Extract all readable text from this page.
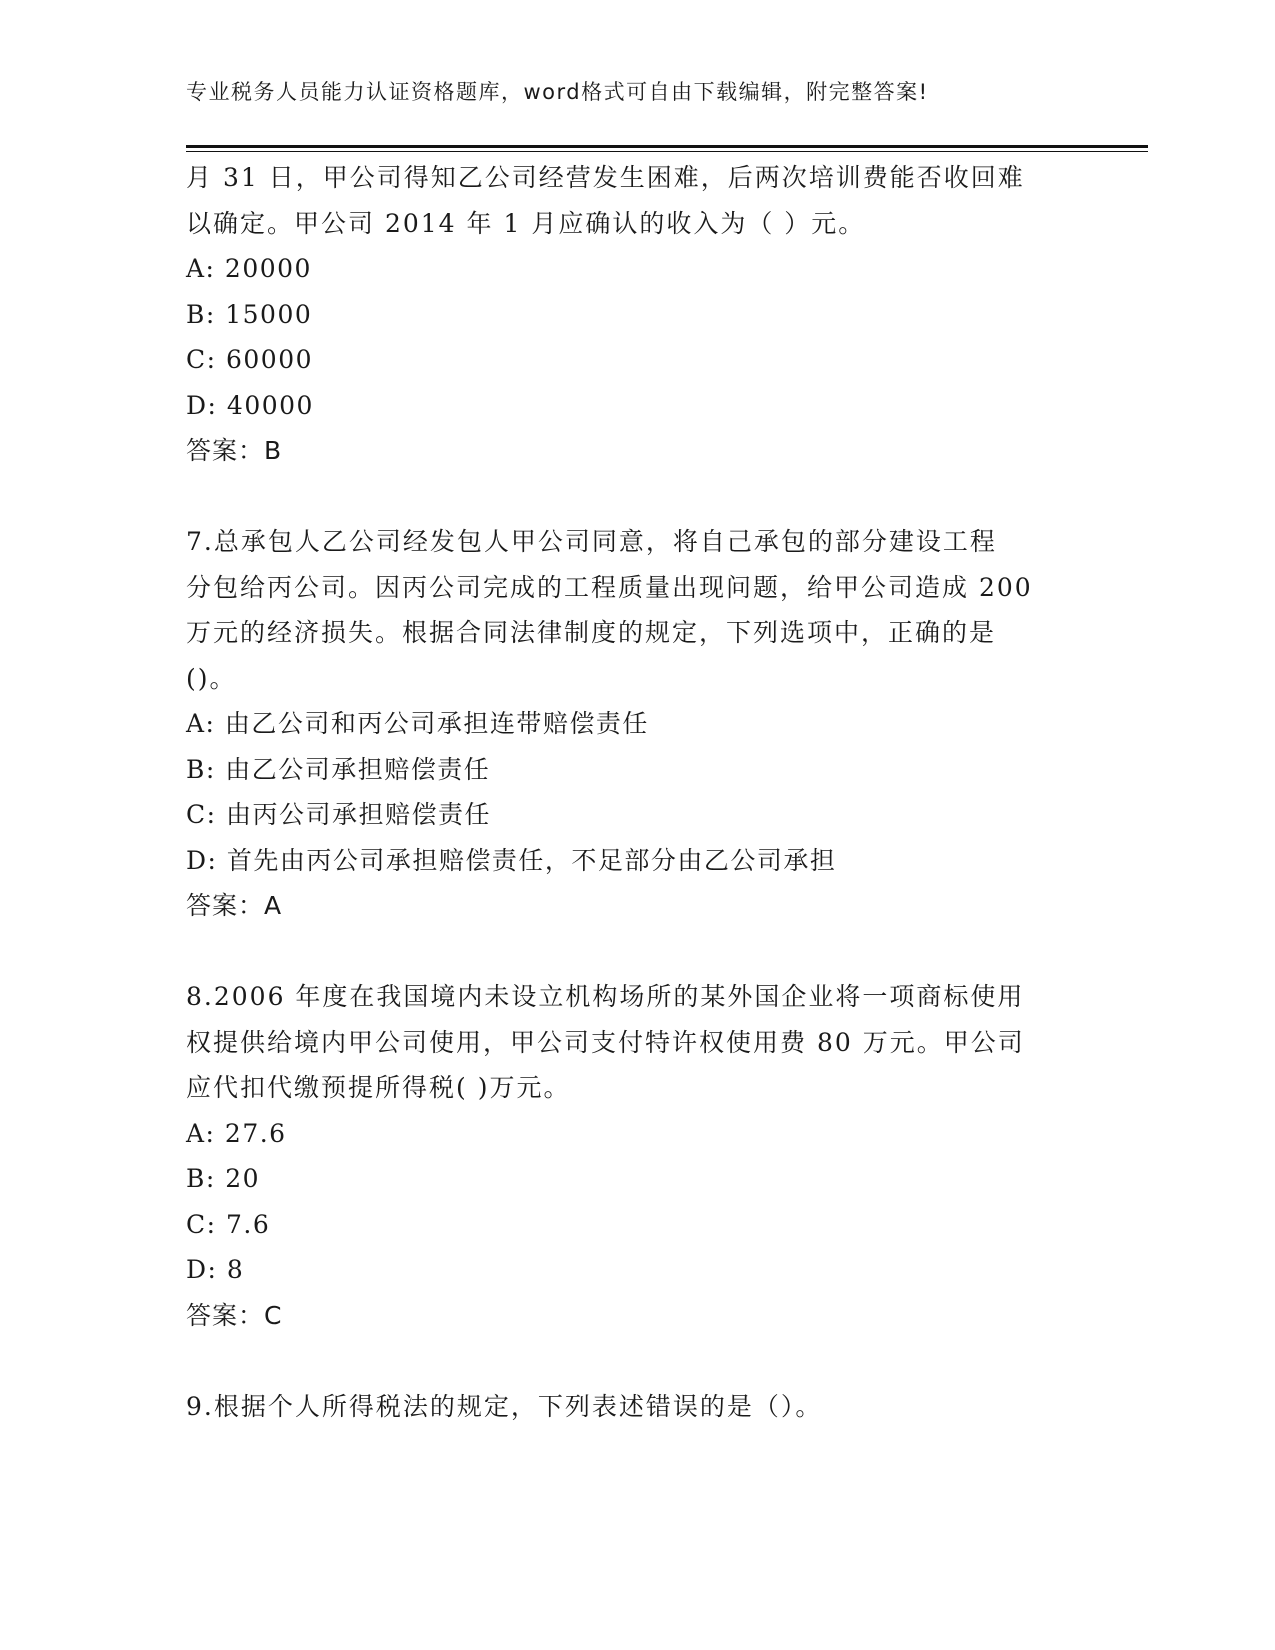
专业税务人员能力认证资格题库，word格式可自由下载编辑，附完整答案!
月 31 日，甲公司得知乙公司经营发生困难，后两次培训费能否收回难
以确定。甲公司 2014 年 1 月应确认的收入为（ ）元。
A: 20000
B: 15000
C: 60000
D: 40000
答案：B
7.总承包人乙公司经发包人甲公司同意，将自己承包的部分建设工程
分包给丙公司。因丙公司完成的工程质量出现问题，给甲公司造成 200
万元的经济损失。根据合同法律制度的规定，下列选项中，正确的是
()。
A: 由乙公司和丙公司承担连带赔偿责任
B: 由乙公司承担赔偿责任
C: 由丙公司承担赔偿责任
D: 首先由丙公司承担赔偿责任，不足部分由乙公司承担
答案：A
8.2006 年度在我国境内未设立机构场所的某外国企业将一项商标使用
权提供给境内甲公司使用，甲公司支付特许权使用费 80 万元。甲公司
应代扣代缴预提所得税( )万元。
A: 27.6
B: 20
C: 7.6
D: 8
答案：C
9.根据个人所得税法的规定，下列表述错误的是（）。
